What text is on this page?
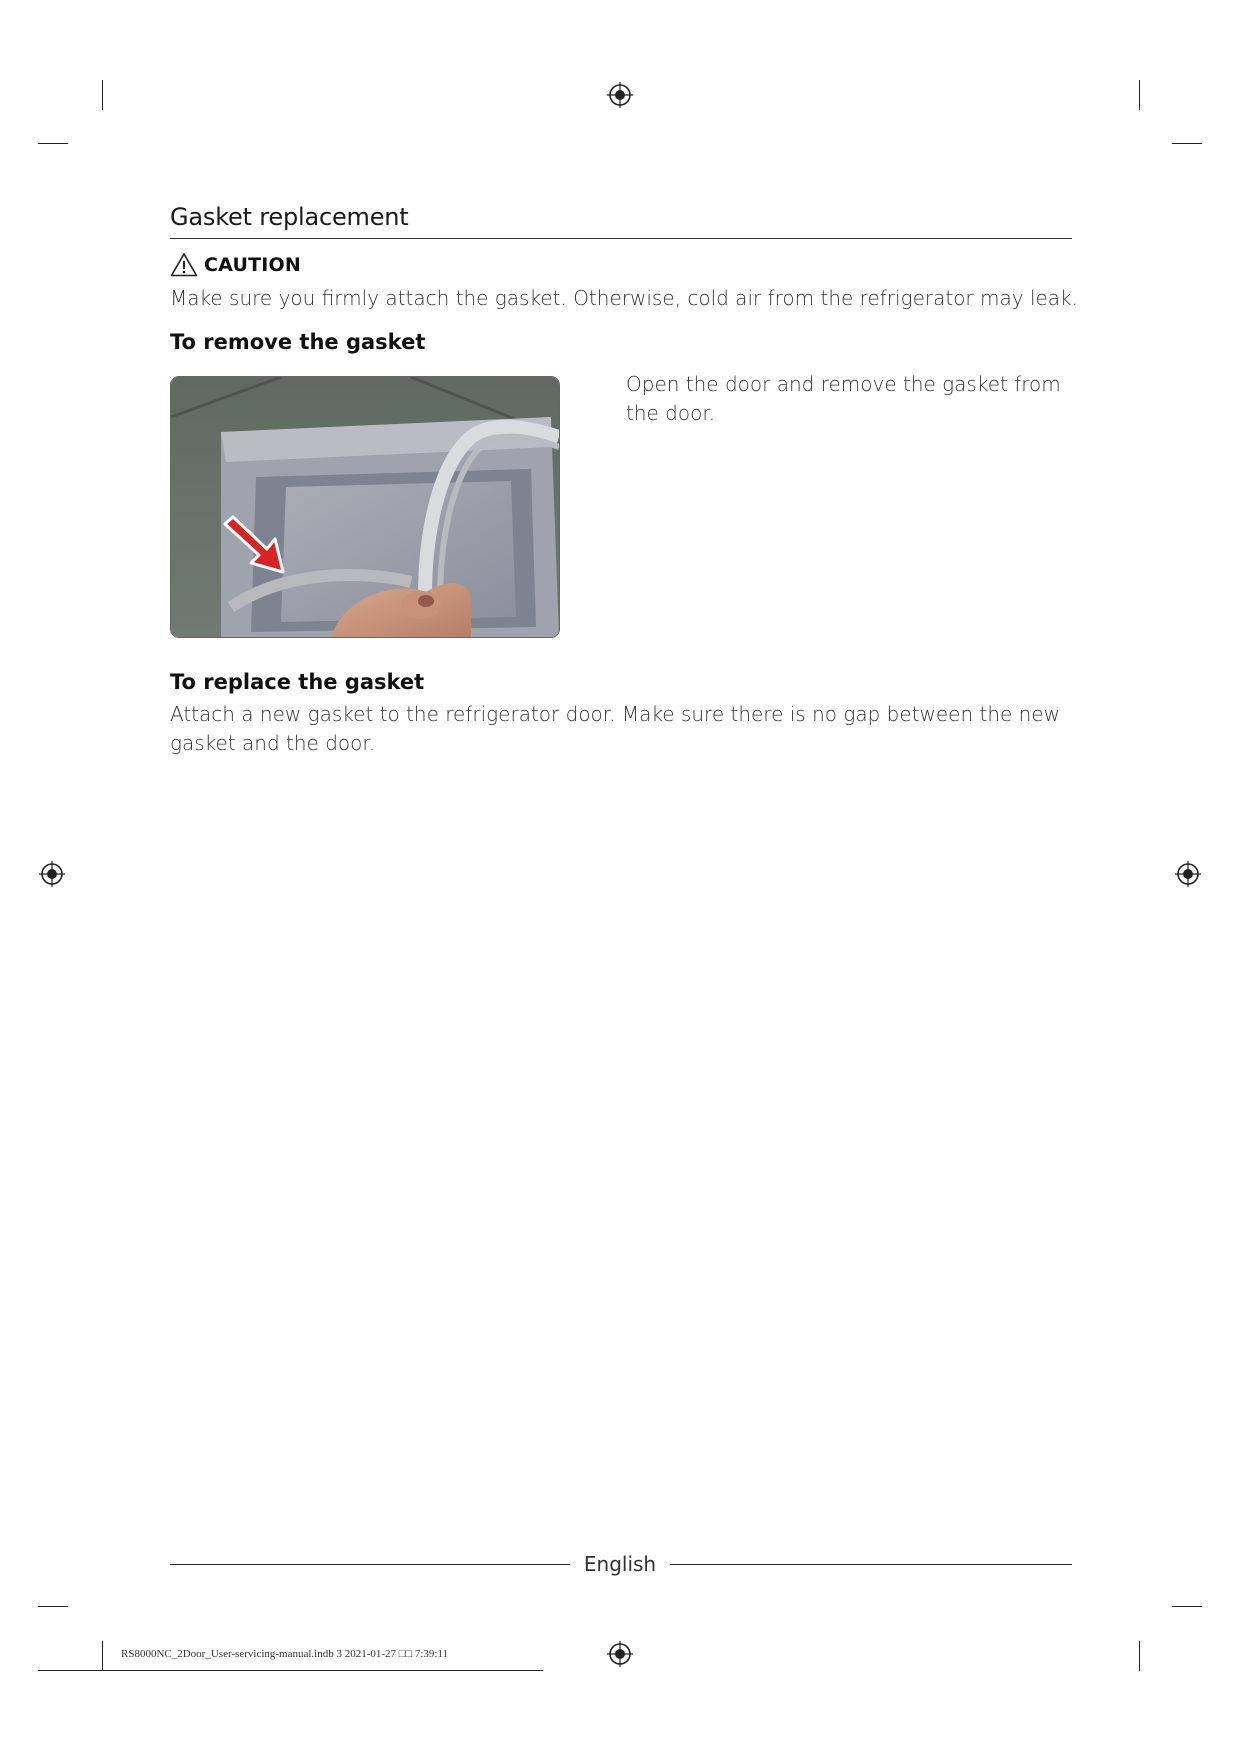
Gasket replacement
CAUTION
Make sure you firmly attach the gasket. Otherwise, cold air from the refrigerator may leak.
To remove the gasket
Open the door and remove the gasket from the door.
To replace the gasket
Attach a new gasket to the refrigerator door. Make sure there is no gap between the new gasket and the door.
English
RS8000NC_2Door_User-servicing-manual.indb 3 2021-01-27 □□ 7:39:11
